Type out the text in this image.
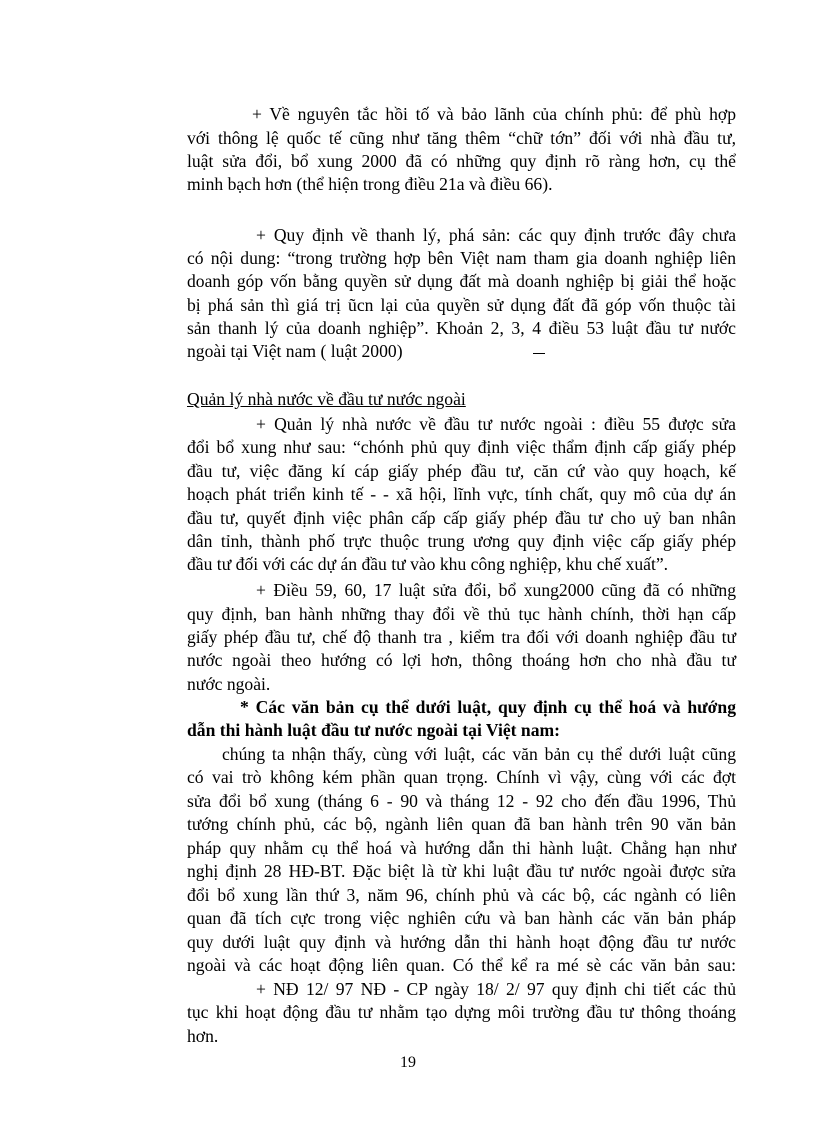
+ Về nguyên tắc hồi tố và bảo lãnh của chính phủ: để phù hợp
với thông lệ quốc tế cũng như tăng thêm “chữ tớn” đối với nhà đầu tư,
luật sửa đổi, bổ xung 2000 đã có những quy định rõ ràng hơn, cụ thể
minh bạch hơn (thể hiện trong điều 21a và điều 66).
+ Quy định về thanh lý, phá sản: các quy định trước đây chưa
có nội dung: “trong trường hợp bên Việt nam tham gia doanh nghiệp liên
doanh góp vốn bằng quyền sử dụng đất mà doanh nghiệp bị giải thể hoặc
bị phá sản thì giá trị ũcn lại của quyền sử dụng đất đã góp vốn thuộc tài
sản thanh lý của doanh nghiệp”. Khoản 2, 3, 4 điều 53 luật đầu tư nước
ngoài tại Việt nam ( luật 2000)
Quản lý nhà nước về đầu tư nước ngoài
+ Quản lý nhà nước về đầu tư nước ngoài : điều 55 được sửa
đổi bổ xung như sau: “chónh phủ quy định việc thẩm định cấp giấy phép
đầu tư, việc đăng kí cáp giấy phép đầu tư, căn cứ vào quy hoạch, kế
hoạch phát triển kinh tế - - xã hội, lĩnh vực, tính chất, quy mô của dự án
đầu tư, quyết định việc phân cấp cấp giấy phép đầu tư cho uỷ ban nhân
dân tỉnh, thành phố trực thuộc trung ương quy định việc cấp giấy phép
đầu tư đối với các dự án đầu tư vào khu công nghiệp, khu chế xuất”.
+ Điều 59, 60, 17 luật sửa đổi, bổ xung2000 cũng đã có những
quy định, ban hành những thay đổi về thủ tục hành chính, thời hạn cấp
giấy phép đầu tư, chế độ thanh tra , kiểm tra đối với doanh nghiệp đầu tư
nước ngoài theo hướng có lợi hơn, thông thoáng hơn cho nhà đầu tư
nước ngoài.
* Các văn bản cụ thể dưới luật, quy định cụ thể hoá và hướng
dẫn thi hành luật đầu tư nước ngoài tại Việt nam:
chúng ta nhận thấy, cùng với luật, các văn bản cụ thể dưới luật cũng
có vai trò không kém phần quan trọng. Chính vì vậy, cùng với các đợt
sửa đổi bổ xung (tháng 6 - 90 và tháng 12 - 92 cho đến đầu 1996, Thủ
tướng chính phủ, các bộ, ngành liên quan đã ban hành trên 90 văn bản
pháp quy nhằm cụ thể hoá và hướng dẫn thi hành luật. Chẳng hạn như
nghị định 28 HĐ-BT. Đặc biệt là từ khi luật đầu tư nước ngoài được sửa
đổi bổ xung lần thứ 3, năm 96, chính phủ và các bộ, các ngành có liên
quan đã tích cực trong việc nghiên cứu và ban hành các văn bản pháp
quy dưới luật quy định và hướng dẫn thi hành hoạt động đầu tư nước
ngoài và các hoạt động liên quan. Có thể kể ra mé sè các văn bản sau:
+ NĐ 12/ 97 NĐ - CP ngày 18/ 2/ 97 quy định chi tiết các thủ
tục khi hoạt động đầu tư nhằm tạo dựng môi trường đầu tư thông thoáng
hơn.
19
